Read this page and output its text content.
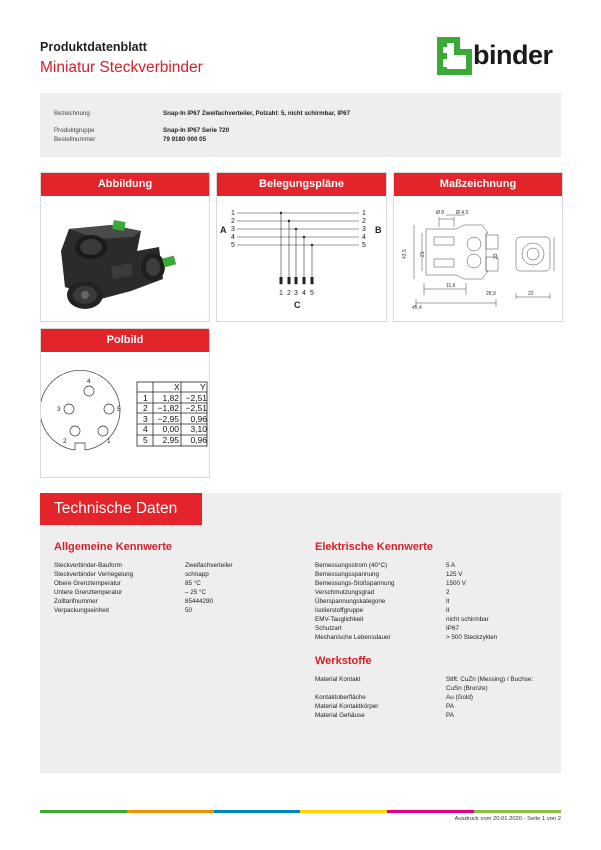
Produktdatenblatt
Miniatur Steckverbinder	binder
Bezeichnung	Snap-In IP67 Zweifachverteiler, Polzahl: 5, nicht schirmbar, IP67
Produktgruppe	Snap-In IP67 Serie 720
Bestellnummer	79 9180 000 05
Abbildung	Belegungspläne
A	B
C
1
2
3
4
5
1
2
3
4
5
1 2 3 4 5
Maßzeichnung
Ø 8 Ø 4,5
21
43,5
11,6
28,9
45,4
23
22
Polbild
4
3	5
2	1
X Y
1 1,82 −2,51
2 −1,82 −2,51
3 −2,95 0,96
4 0,00 3,10
5 2,95 0,96
Technische Daten
Allgemeine Kennwerte
Steckverbinder-Bauform	Zweifachverteiler
Steckverbinder Verriegelung	schnapp
Obere Grenztemperatur	85 °C
Untere Grenztemperatur	– 25 °C
Zolltarifnummer	85444290
Verpackungseinheit	50
Elektrische Kennwerte
Bemessungsstrom (40°C)	5 A
Bemessungsspannung	125 V
Bemessungs-Stoßspannung	1500 V
Verschmutzungsgrad	2
Überspannungskategorie	II
Isolierstoffgruppe	II
EMV-Tauglichkeit	nicht schirmbar
Schutzart	IP67
Mechanische Lebensdauer	> 500 Steckzyklen
Werkstoffe
Material Kontakt	Stift: CuZn (Messing) / Buchse:
CuSn (Bronze)
Kontaktoberfläche	Au (Gold)
Material Kontaktkörper	PA
Material Gehäuse	PA
Ausdruck vom 20.01.2020 - Seite 1 von 2
